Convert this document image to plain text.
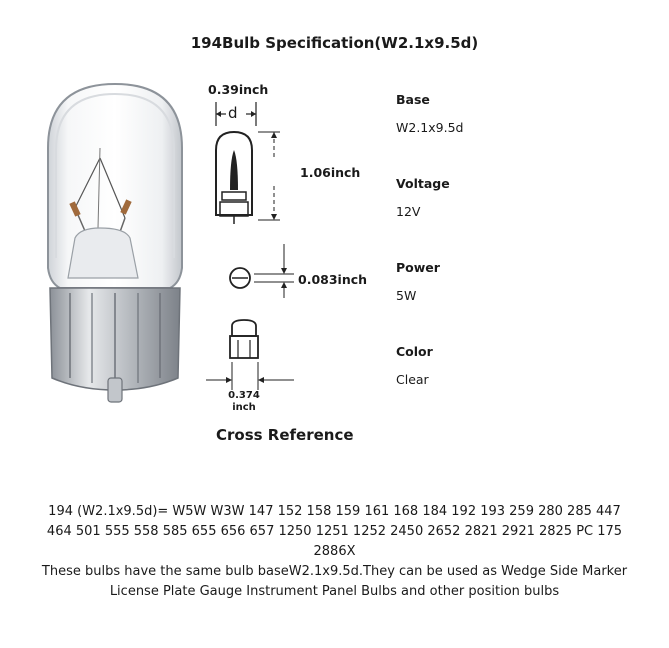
194Bulb Specification(W2.1x9.5d)
0.39inch
d
1.06inch
0.083inch
0.374
inch
Base
W2.1x9.5d
Voltage
12V
Power
5W
Color
Clear
Cross Reference
194 (W2.1x9.5d)= W5W W3W 147 152 158 159 161 168 184 192 193 259 280 285 447 464 501 555 558 585 655 656 657 1250 1251 1252 2450 2652 2821 2921 2825 PC 175 2886X
These bulbs have the same bulb baseW2.1x9.5d.They can be used as Wedge Side Marker License Plate Gauge Instrument Panel Bulbs and other position bulbs
